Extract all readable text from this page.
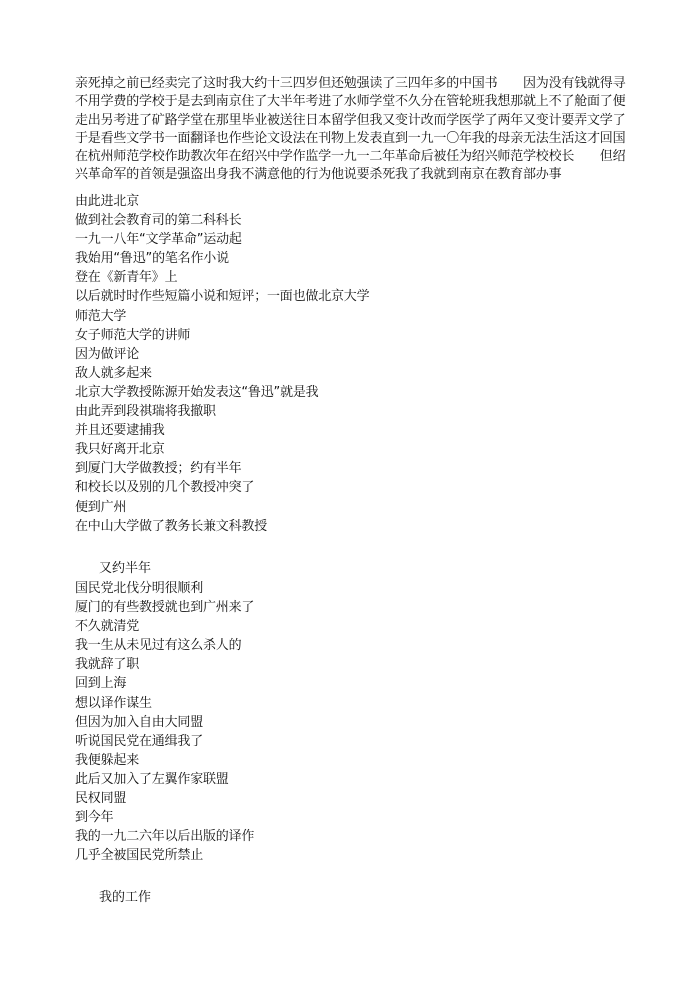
亲死掉之前已经卖完了这时我大约十三四岁但还勉强读了三四年多的中国书　　因为没有钱就得寻不用学费的学校于是去到南京住了大半年考进了水师学堂不久分在管轮班我想那就上不了舱面了便走出另考进了矿路学堂在那里毕业被送往日本留学但我又变计改而学医学了两年又变计要弄文学了于是看些文学书一面翻译也作些论文设法在刊物上发表直到一九一〇年我的母亲无法生活这才回国在杭州师范学校作助教次年在绍兴中学作监学一九一二年革命后被任为绍兴师范学校校长　　但绍兴革命军的首领是强盗出身我不满意他的行为他说要杀死我了我就到南京在教育部办事

由此进北京
做到社会教育司的第二科科长
一九一八年“文学革命”运动起
我始用“鲁迅”的笔名作小说
登在《新青年》上
以后就时时作些短篇小说和短评；一面也做北京大学
师范大学
女子师范大学的讲师
因为做评论
敌人就多起来
北京大学教授陈源开始发表这“鲁迅”就是我
由此弄到段祺瑞将我撤职
并且还要逮捕我
我只好离开北京
到厦门大学做教授；约有半年
和校长以及别的几个教授冲突了
便到广州
在中山大学做了教务长兼文科教授
又约半年
国民党北伐分明很顺利
厦门的有些教授就也到广州来了
不久就清党
我一生从未见过有这么杀人的
我就辞了职
回到上海
想以译作谋生
但因为加入自由大同盟
听说国民党在通缉我了
我便躲起来
此后又加入了左翼作家联盟
民权同盟
到今年
我的一九二六年以后出版的译作
几乎全被国民党所禁止
我的工作
